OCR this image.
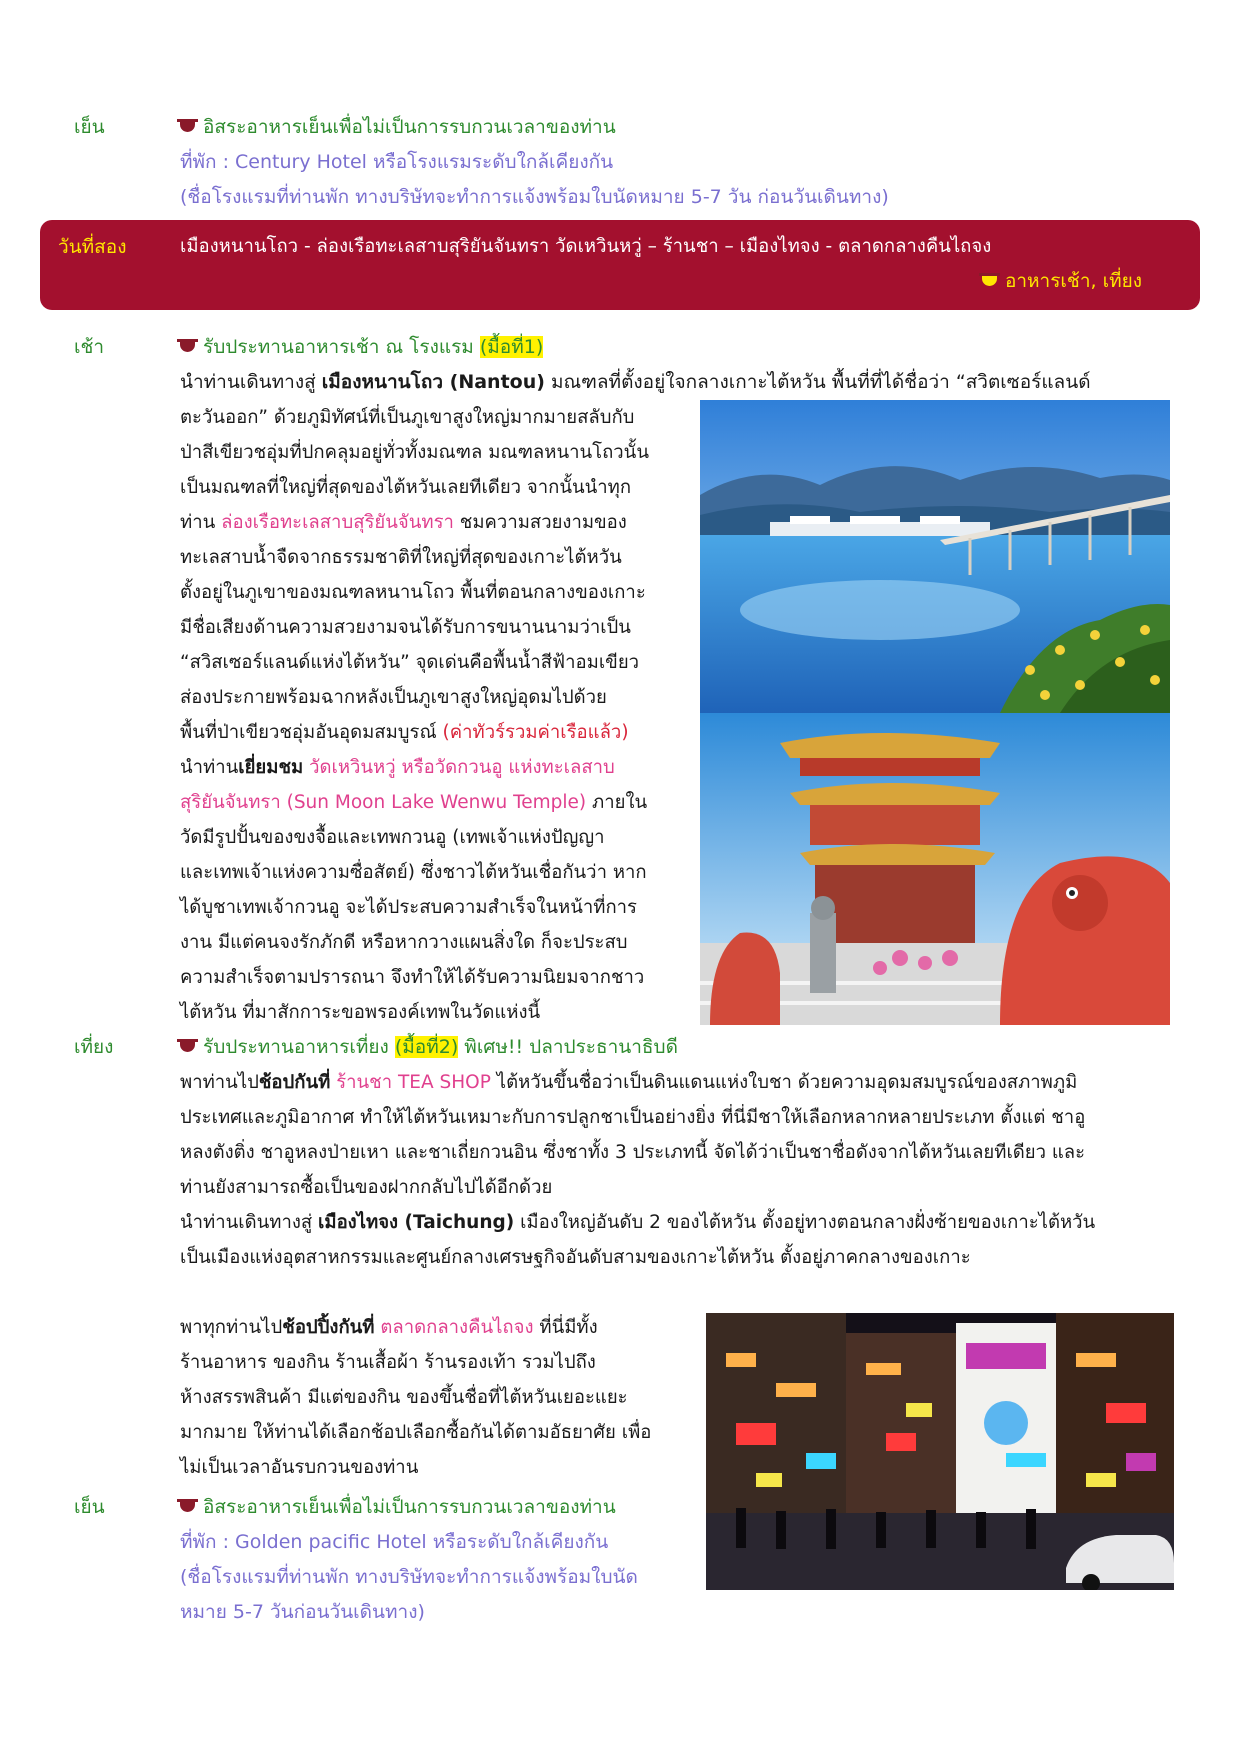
เย็น	อิสระอาหารเย็นเพื่อไม่เป็นการรบกวนเวลาของท่าน
ที่พัก : Century Hotel หรือโรงแรมระดับใกล้เคียงกัน
(ชื่อโรงแรมที่ท่านพัก ทางบริษัทจะทำการแจ้งพร้อมใบนัดหมาย 5-7 วัน ก่อนวันเดินทาง)
วันที่สอง	เมืองหนานโถว - ล่องเรือทะเลสาบสุริยันจันทรา วัดเหวินหวู่ – ร้านชา – เมืองไทจง - ตลาดกลางคืนไถจง
อาหารเช้า, เที่ยง
เช้า	รับประทานอาหารเช้า ณ โรงแรม (มื้อที่1)
นำท่านเดินทางสู่ เมืองหนานโถว (Nantou) มณฑลที่ตั้งอยู่ใจกลางเกาะไต้หวัน พื้นที่ที่ได้ชื่อว่า “สวิตเซอร์แลนด์
ตะวันออก” ด้วยภูมิทัศน์ที่เป็นภูเขาสูงใหญ่มากมายสลับกับ
ป่าสีเขียวชอุ่มที่ปกคลุมอยู่ทั่วทั้งมณฑล มณฑลหนานโถวนั้น
เป็นมณฑลที่ใหญ่ที่สุดของไต้หวันเลยทีเดียว จากนั้นนำทุก
ท่าน ล่องเรือทะเลสาบสุริยันจันทรา ชมความสวยงามของ
ทะเลสาบน้ำจืดจากธรรมชาติที่ใหญ่ที่สุดของเกาะไต้หวัน
ตั้งอยู่ในภูเขาของมณฑลหนานโถว พื้นที่ตอนกลางของเกาะ
มีชื่อเสียงด้านความสวยงามจนได้รับการขนานนามว่าเป็น
“สวิสเซอร์แลนด์แห่งไต้หวัน” จุดเด่นคือพื้นน้ำสีฟ้าอมเขียว
ส่องประกายพร้อมฉากหลังเป็นภูเขาสูงใหญ่อุดมไปด้วย
พื้นที่ป่าเขียวชอุ่มอันอุดมสมบูรณ์ (ค่าทัวร์รวมค่าเรือแล้ว)
นำท่านเยี่ยมชม วัดเหวินหวู่ หรือวัดกวนอู แห่งทะเลสาบ
สุริยันจันทรา (Sun Moon Lake Wenwu Temple) ภายใน
วัดมีรูปปั้นของขงจื้อและเทพกวนอู (เทพเจ้าแห่งปัญญา
และเทพเจ้าแห่งความซื่อสัตย์) ซึ่งชาวไต้หวันเชื่อกันว่า หาก
ได้บูชาเทพเจ้ากวนอู จะได้ประสบความสำเร็จในหน้าที่การ
งาน มีแต่คนจงรักภักดี หรือหากวางแผนสิ่งใด ก็จะประสบ
ความสำเร็จตามปรารถนา จึงทำให้ได้รับความนิยมจากชาว
ไต้หวัน ที่มาสักการะขอพรองค์เทพในวัดแห่งนี้
เที่ยง	รับประทานอาหารเที่ยง (มื้อที่2) พิเศษ!! ปลาประธานาธิบดี
พาท่านไปช้อปกันที่ ร้านชา TEA SHOP ไต้หวันขึ้นชื่อว่าเป็นดินแดนแห่งใบชา ด้วยความอุดมสมบูรณ์ของสภาพภูมิ
ประเทศและภูมิอากาศ ทำให้ไต้หวันเหมาะกับการปลูกชาเป็นอย่างยิ่ง ที่นี่มีชาให้เลือกหลากหลายประเภท ตั้งแต่ ชาอู
หลงตังติ่ง ชาอูหลงป่ายเหา และชาเถี่ยกวนอิน ซึ่งชาทั้ง 3 ประเภทนี้ จัดได้ว่าเป็นชาชื่อดังจากไต้หวันเลยทีเดียว และ
ท่านยังสามารถซื้อเป็นของฝากกลับไปได้อีกด้วย
นำท่านเดินทางสู่ เมืองไทจง (Taichung) เมืองใหญ่อันดับ 2 ของไต้หวัน ตั้งอยู่ทางตอนกลางฝั่งซ้ายของเกาะไต้หวัน
เป็นเมืองแห่งอุตสาหกรรมและศูนย์กลางเศรษฐกิจอันดับสามของเกาะไต้หวัน ตั้งอยู่ภาคกลางของเกาะ
พาทุกท่านไปช้อปปิ้งกันที่ ตลาดกลางคืนไถจง ที่นี่มีทั้ง
ร้านอาหาร ของกิน ร้านเสื้อผ้า ร้านรองเท้า รวมไปถึง
ห้างสรรพสินค้า มีแต่ของกิน ของขึ้นชื่อที่ไต้หวันเยอะแยะ
มากมาย ให้ท่านได้เลือกช้อปเลือกซื้อกันได้ตามอัธยาศัย เพื่อ
ไม่เป็นเวลาอันรบกวนของท่าน
เย็น	อิสระอาหารเย็นเพื่อไม่เป็นการรบกวนเวลาของท่าน
ที่พัก : Golden pacific Hotel หรือระดับใกล้เคียงกัน
(ชื่อโรงแรมที่ท่านพัก ทางบริษัทจะทำการแจ้งพร้อมใบนัด
หมาย 5-7 วันก่อนวันเดินทาง)
